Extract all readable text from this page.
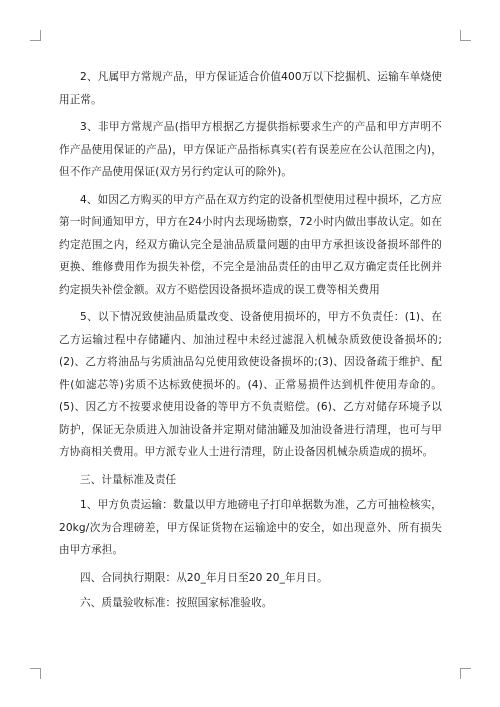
2、凡属甲方常规产品，甲方保证适合价值400万以下挖掘机、运输车单烧使用正常。

3、非甲方常规产品(指甲方根据乙方提供指标要求生产的产品和甲方声明不作产品使用保证的产品)，甲方保证产品指标真实(若有误差应在公认范围之内)，但不作产品使用保证(双方另行约定认可的除外)。

4、如因乙方购买的甲方产品在双方约定的设备机型使用过程中损坏，乙方应第一时间通知甲方，甲方在24小时内去现场勘察，72小时内做出事故认定。如在约定范围之内，经双方确认完全是油品质量问题的由甲方承担该设备损坏部件的更换、维修费用作为损失补偿，不完全是油品责任的由甲乙双方确定责任比例并约定损失补偿金额。双方不赔偿因设备损坏造成的误工费等相关费用

5、以下情况致使油品质量改变、设备使用损坏的，甲方不负责任：(1)、在乙方运输过程中存储罐内、加油过程中未经过滤混入机械杂质致使设备损坏的;(2)、乙方将油品与劣质油品勾兑使用致使设备损坏的;(3)、因设备疏于维护、配件(如滤芯等)劣质不达标致使损坏的。(4)、正常易损件达到机件使用寿命的。(5)、因乙方不按要求使用设备的等甲方不负责赔偿。(6)、乙方对储存环境予以防护，保证无杂质进入加油设备并定期对储油罐及加油设备进行清理，也可与甲方协商相关费用。甲方派专业人士进行清理，防止设备因机械杂质造成的损坏。

三、计量标准及责任

1、甲方负责运输：数量以甲方地磅电子打印单据数为准，乙方可抽检核实，20kg/次为合理磅差，甲方保证货物在运输途中的安全，如出现意外、所有损失由甲方承担。

四、合同执行期限：从20_年月日至20 20_年月日。

六、质量验收标准：按照国家标准验收。
